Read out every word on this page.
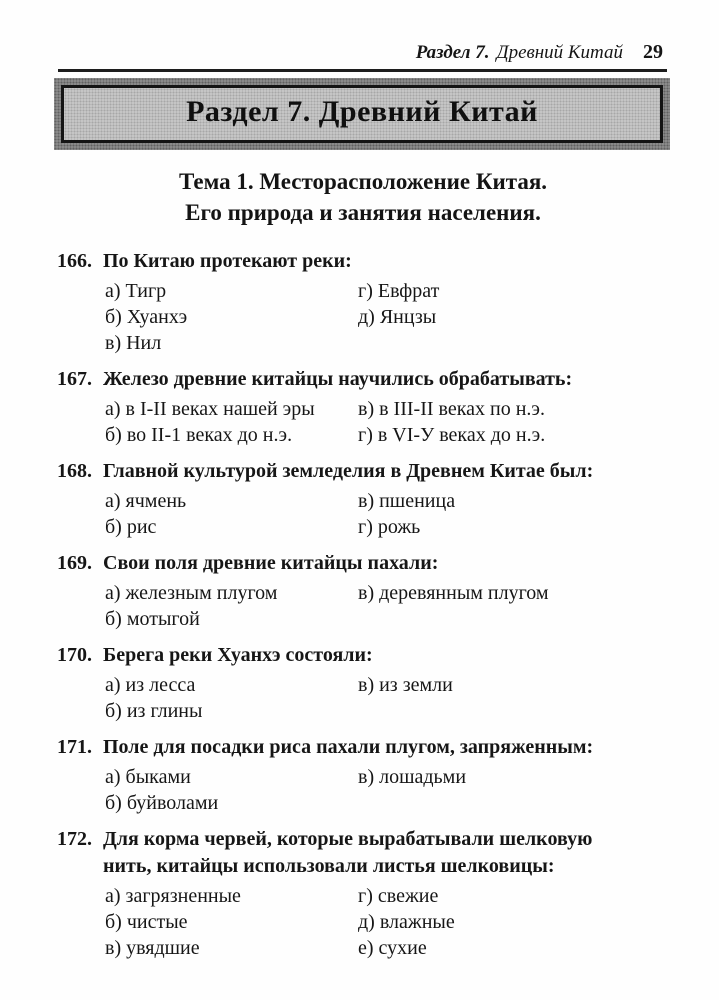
Раздел 7. Древний Китай 29
Раздел 7. Древний Китай
Тема 1. Месторасположение Китая.
Его природа и занятия населения.
166. По Китаю протекают реки:
а) Тигр
б) Хуанхэ
в) Нил
г) Евфрат
д) Янцзы
167. Железо древние китайцы научились обрабатывать:
а) в I-II веках нашей эры
б) во II-1 веках до н.э.
в) в III-II веках по н.э.
г) в VI-У веках до н.э.
168. Главной культурой земледелия в Древнем Китае был:
а) ячмень
б) рис
в) пшеница
г) рожь
169. Свои поля древние китайцы пахали:
а) железным плугом
б) мотыгой
в) деревянным плугом
170. Берега реки Хуанхэ состояли:
а) из лесса
б) из глины
в) из земли
171. Поле для посадки риса пахали плугом, запряженным:
а) быками
б) буйволами
в) лошадьми
172. Для корма червей, которые вырабатывали шелковую
нить, китайцы использовали листья шелковицы:
а) загрязненные
б) чистые
в) увядшие
г) свежие
д) влажные
е) сухие
